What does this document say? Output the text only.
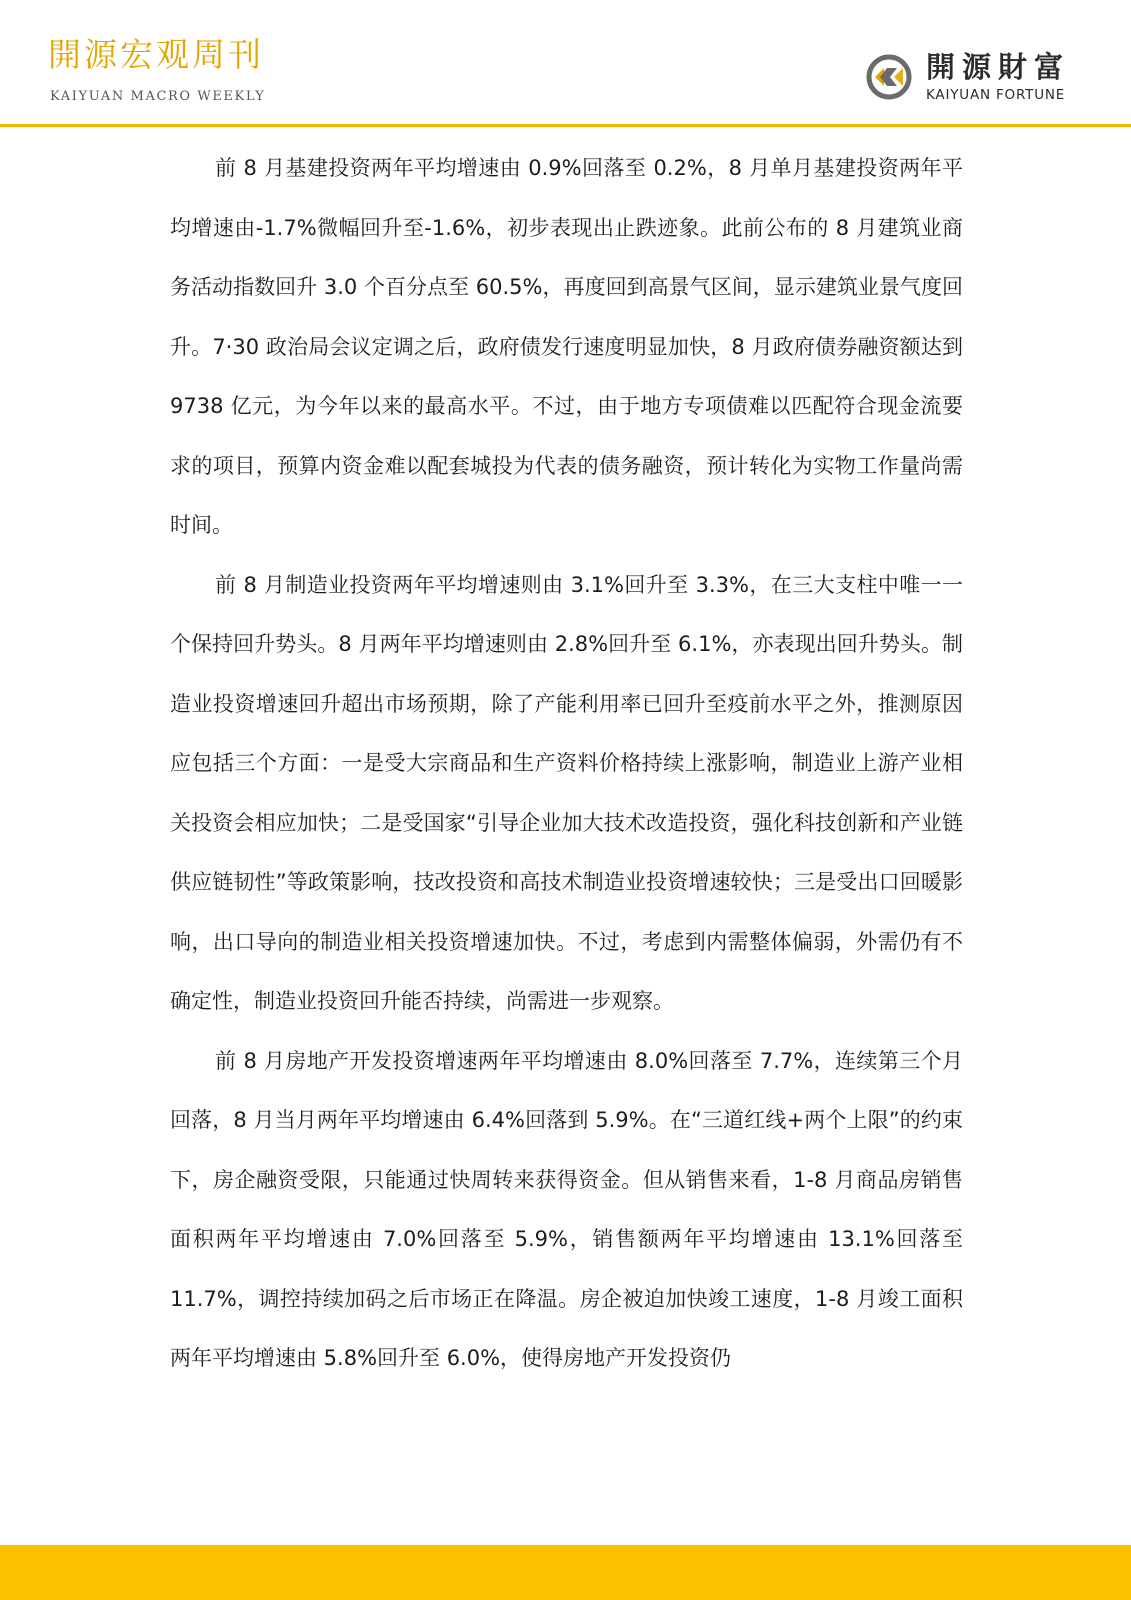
開源宏观周刊
KAIYUAN MACRO WEEKLY
開源財富
KAIYUAN FORTUNE

前 8 月基建投资两年平均增速由 0.9%回落至 0.2%，8 月单月基建投资两年平均增速由-1.7%微幅回升至-1.6%，初步表现出止跌迹象。此前公布的 8 月建筑业商务活动指数回升 3.0 个百分点至 60.5%，再度回到高景气区间，显示建筑业景气度回升。7·30 政治局会议定调之后，政府债发行速度明显加快，8 月政府债券融资额达到 9738 亿元，为今年以来的最高水平。不过，由于地方专项债难以匹配符合现金流要求的项目，预算内资金难以配套城投为代表的债务融资，预计转化为实物工作量尚需时间。

前 8 月制造业投资两年平均增速则由 3.1%回升至 3.3%，在三大支柱中唯一一个保持回升势头。8 月两年平均增速则由 2.8%回升至 6.1%，亦表现出回升势头。制造业投资增速回升超出市场预期，除了产能利用率已回升至疫前水平之外，推测原因应包括三个方面：一是受大宗商品和生产资料价格持续上涨影响，制造业上游产业相关投资会相应加快；二是受国家“引导企业加大技术改造投资，强化科技创新和产业链供应链韧性”等政策影响，技改投资和高技术制造业投资增速较快；三是受出口回暖影响，出口导向的制造业相关投资增速加快。不过，考虑到内需整体偏弱，外需仍有不确定性，制造业投资回升能否持续，尚需进一步观察。

前 8 月房地产开发投资增速两年平均增速由 8.0%回落至 7.7%，连续第三个月回落，8 月当月两年平均增速由 6.4%回落到 5.9%。在“三道红线+两个上限”的约束下，房企融资受限，只能通过快周转来获得资金。但从销售来看，1-8 月商品房销售面积两年平均增速由 7.0%回落至 5.9%，销售额两年平均增速由 13.1%回落至 11.7%，调控持续加码之后市场正在降温。房企被迫加快竣工速度，1-8 月竣工面积两年平均增速由 5.8%回升至 6.0%，使得房地产开发投资仍
